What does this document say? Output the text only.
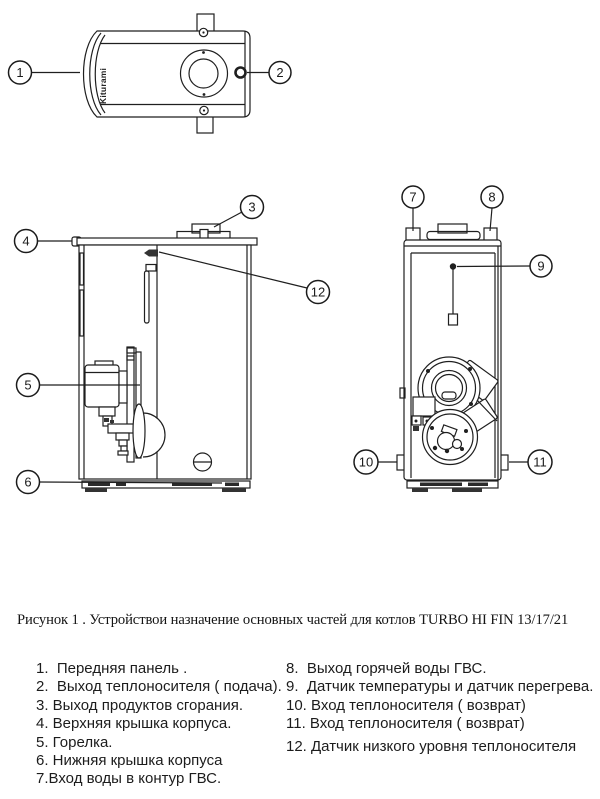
Kiturami
1	2
3
4
5
6
7	8
9
10	11
12
Рисунок 1 . Устройствои назначение основных частей для котлов TURBO HI FIN 13/17/21
1.  Передняя панель .
2.  Выход теплоносителя ( подача).
3. Выход продуктов сгорания.
4. Верхняя крышка корпуса.
5. Горелка.
6. Нижняя крышка корпуса
7.Вход воды в контур ГВС.
8.  Выход горячей воды ГВС.
9.  Датчик температуры и датчик перегрева.
10. Вход теплоносителя ( возврат)
11. Вход теплоносителя ( возврат)
12. Датчик низкого уровня теплоносителя
